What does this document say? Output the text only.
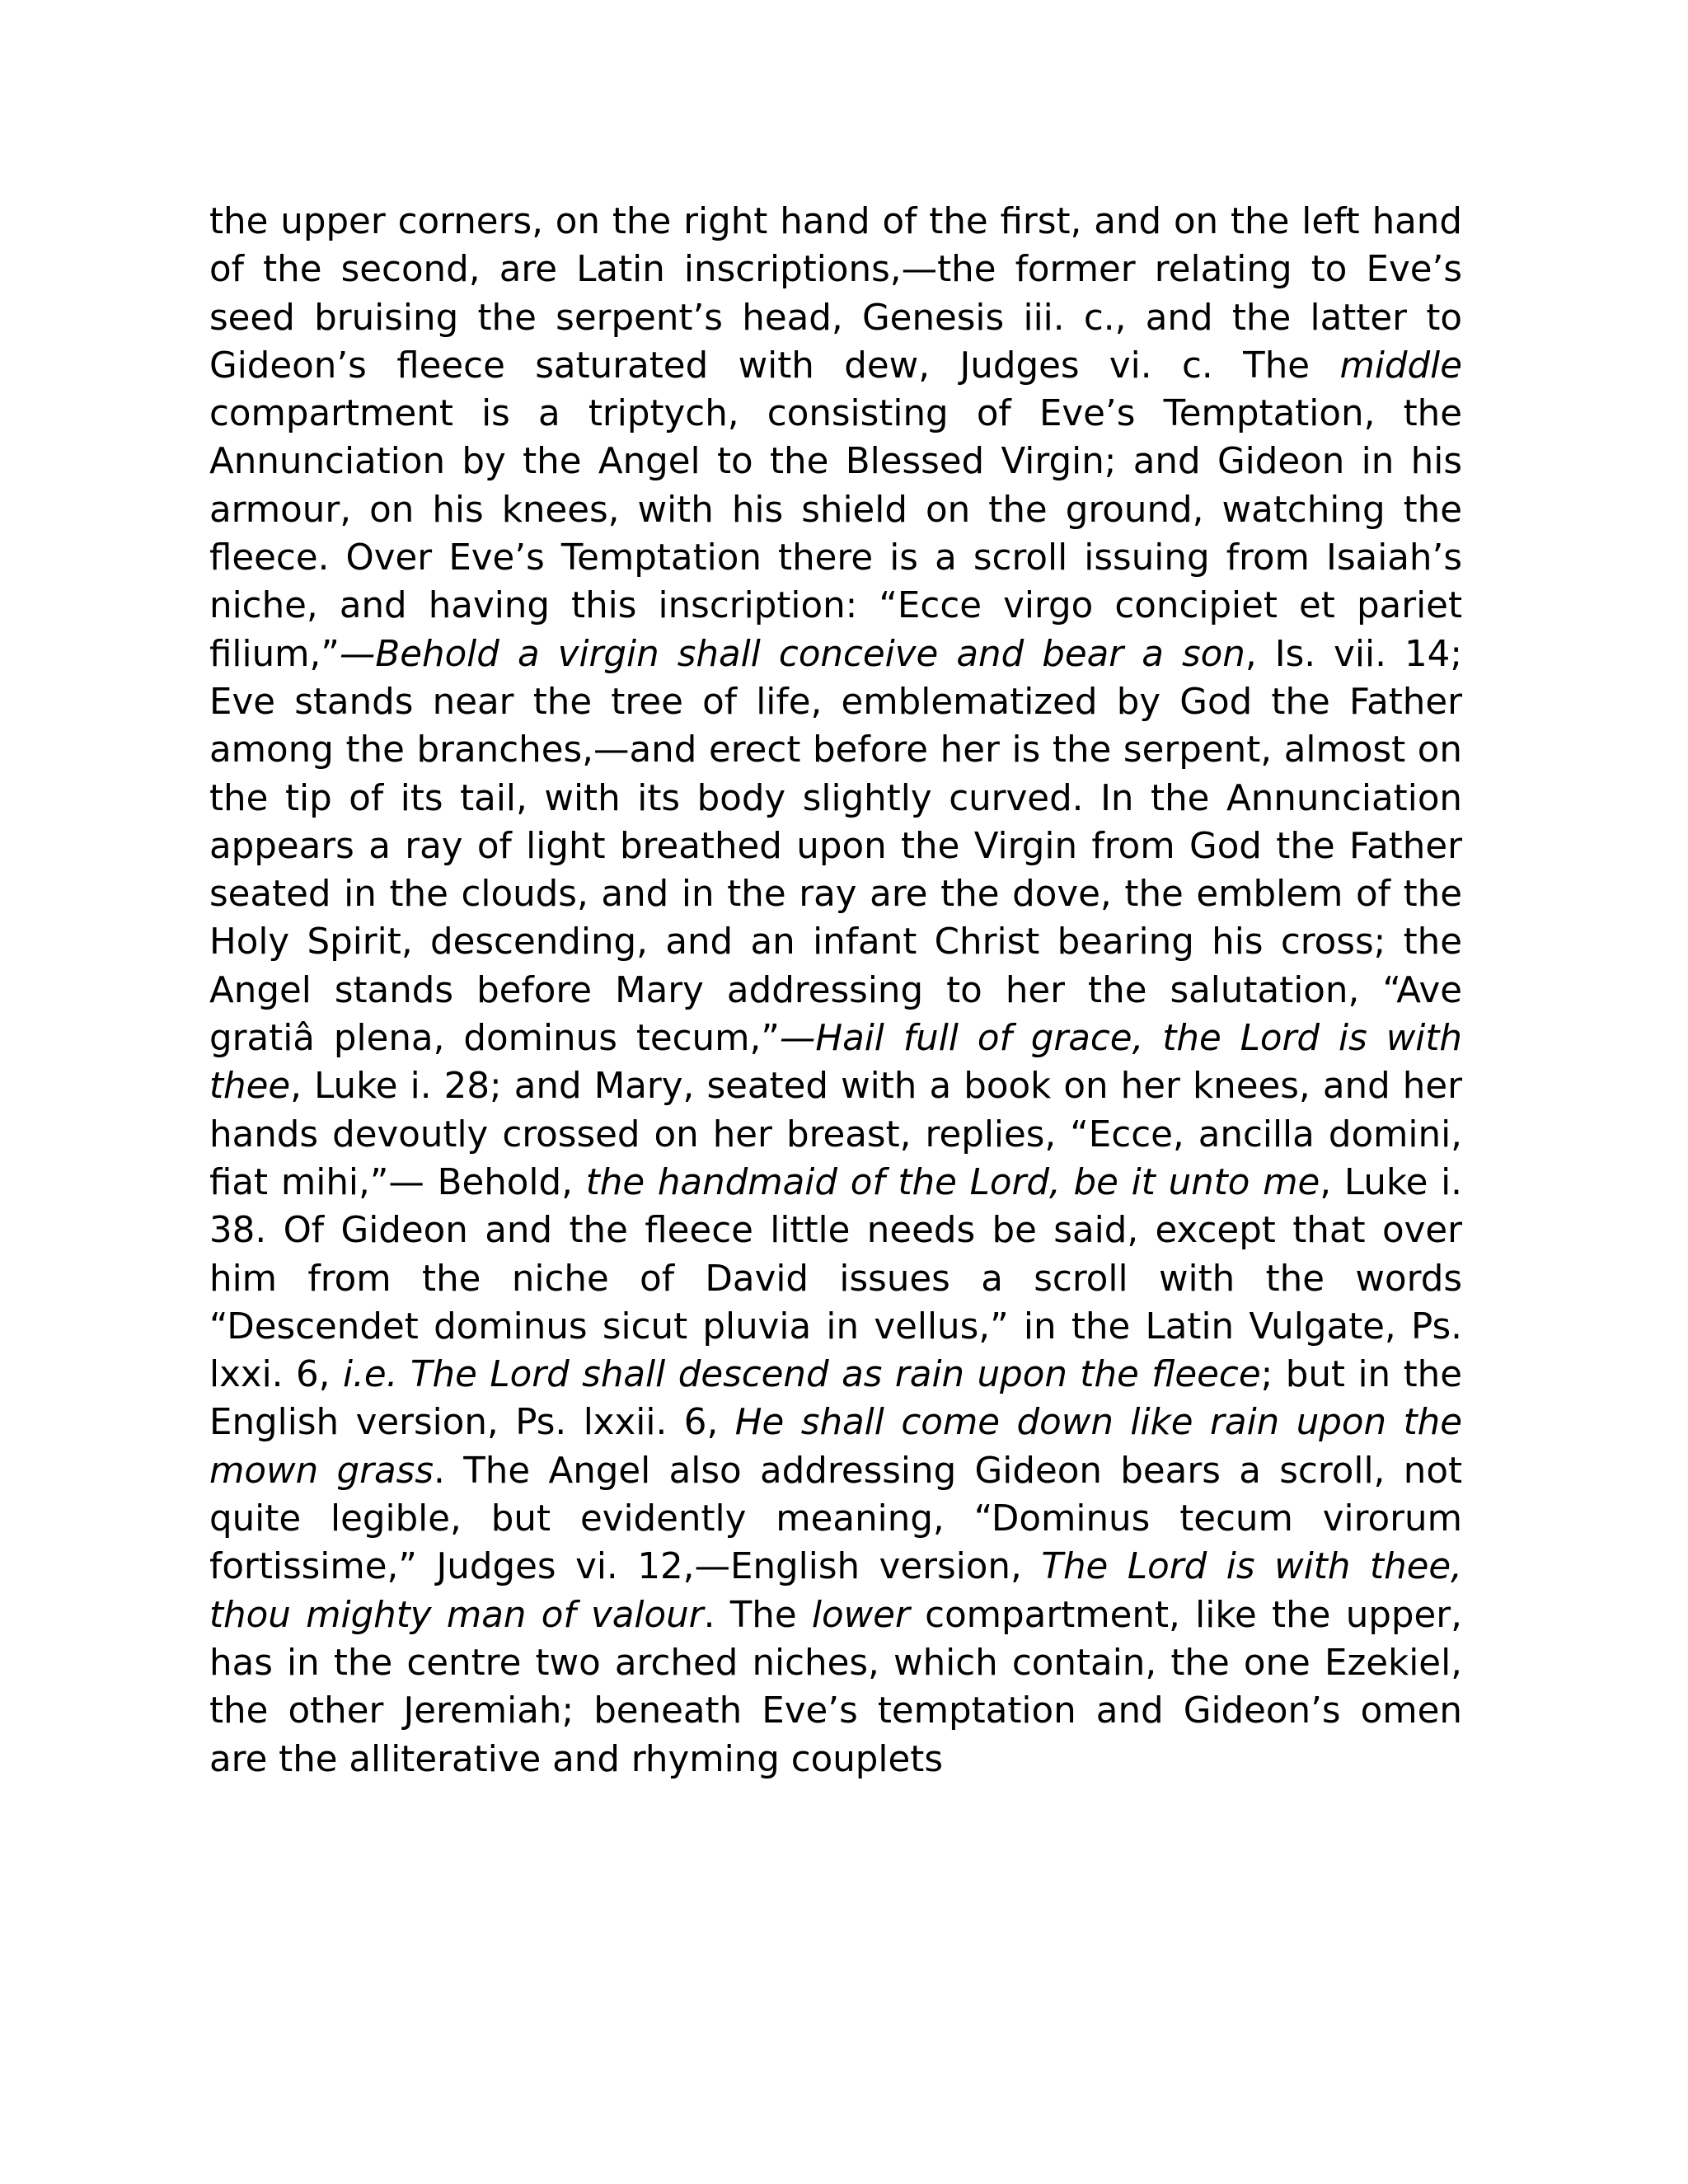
the upper corners, on the right hand of the first, and on the left hand of the second, are Latin inscriptions,—the former relating to Eve’s seed bruising the serpent’s head, Genesis iii. c., and the latter to Gideon’s fleece saturated with dew, Judges vi. c. The middle compartment is a triptych, consisting of Eve’s Temptation, the Annunciation by the Angel to the Blessed Virgin; and Gideon in his armour, on his knees, with his shield on the ground, watching the fleece. Over Eve’s Temptation there is a scroll issuing from Isaiah’s niche, and having this inscription: “Ecce virgo concipiet et pariet filium,”—Behold a virgin shall conceive and bear a son, Is. vii. 14; Eve stands near the tree of life, emblematized by God the Father among the branches,—and erect before her is the serpent, almost on the tip of its tail, with its body slightly curved. In the Annunciation appears a ray of light breathed upon the Virgin from God the Father seated in the clouds, and in the ray are the dove, the emblem of the Holy Spirit, descending, and an infant Christ bearing his cross; the Angel stands before Mary addressing to her the salutation, “Ave gratiâ plena, dominus tecum,”—Hail full of grace, the Lord is with thee, Luke i. 28; and Mary, seated with a book on her knees, and her hands devoutly crossed on her breast, replies, “Ecce, ancilla domini, fiat mihi,”— Behold, the handmaid of the Lord, be it unto me, Luke i. 38. Of Gideon and the fleece little needs be said, except that over him from the niche of David issues a scroll with the words “Descendet dominus sicut pluvia in vellus,” in the Latin Vulgate, Ps. lxxi. 6, i.e. The Lord shall descend as rain upon the fleece; but in the English version, Ps. lxxii. 6, He shall come down like rain upon the mown grass. The Angel also addressing Gideon bears a scroll, not quite legible, but evidently meaning, “Dominus tecum virorum fortissime,” Judges vi. 12,—English version, The Lord is with thee, thou mighty man of valour. The lower compartment, like the upper, has in the centre two arched niches, which contain, the one Ezekiel, the other Jeremiah; beneath Eve’s temptation and Gideon’s omen are the alliterative and rhyming couplets
